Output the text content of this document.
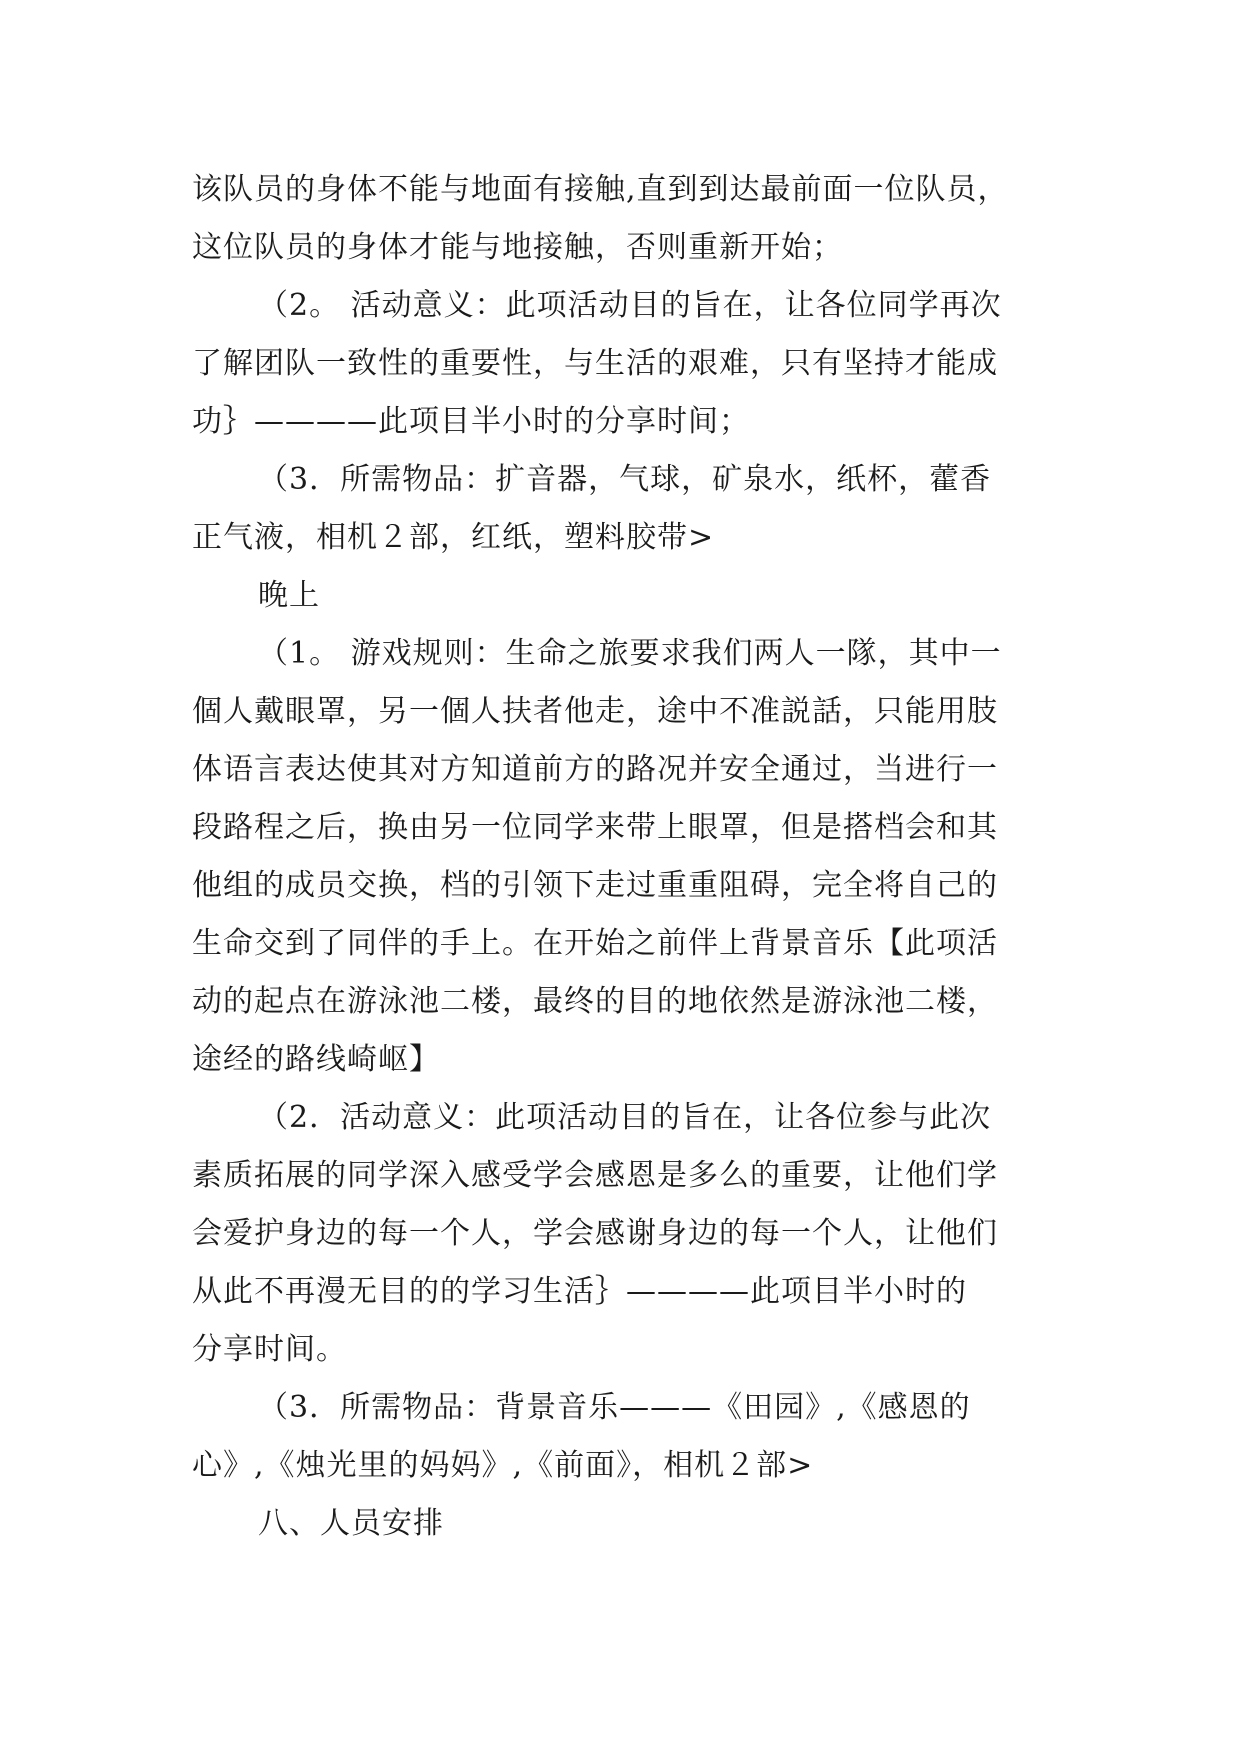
该队员的身体不能与地面有接触,直到到达最前面一位队员，
这位队员的身体才能与地接触，否则重新开始；
（2。 活动意义：此项活动目的旨在，让各位同学再次
了解团队一致性的重要性，与生活的艰难，只有坚持才能成
功｝————此项目半小时的分享时间；
（3．所需物品：扩音器，气球，矿泉水，纸杯，藿香
正气液，相机２部，红纸，塑料胶带>
晚上
（1。 游戏规则：生命之旅要求我们两人一隊，其中一
個人戴眼罩，另一個人扶者他走，途中不准説話，只能用肢
体语言表达使其对方知道前方的路况并安全通过，当进行一
段路程之后，换由另一位同学来带上眼罩，但是搭档会和其
他组的成员交换，档的引领下走过重重阻碍，完全将自己的
生命交到了同伴的手上。在开始之前伴上背景音乐【此项活
动的起点在游泳池二楼，最终的目的地依然是游泳池二楼，
途经的路线崎岖】
（2．活动意义：此项活动目的旨在，让各位参与此次
素质拓展的同学深入感受学会感恩是多么的重要，让他们学
会爱护身边的每一个人，学会感谢身边的每一个人，让他们
从此不再漫无目的的学习生活｝————此项目半小时的
分享时间。
（3．所需物品：背景音乐———《田园》,《感恩的
心》,《烛光里的妈妈》,《前面》，相机２部>
八、人员安排
